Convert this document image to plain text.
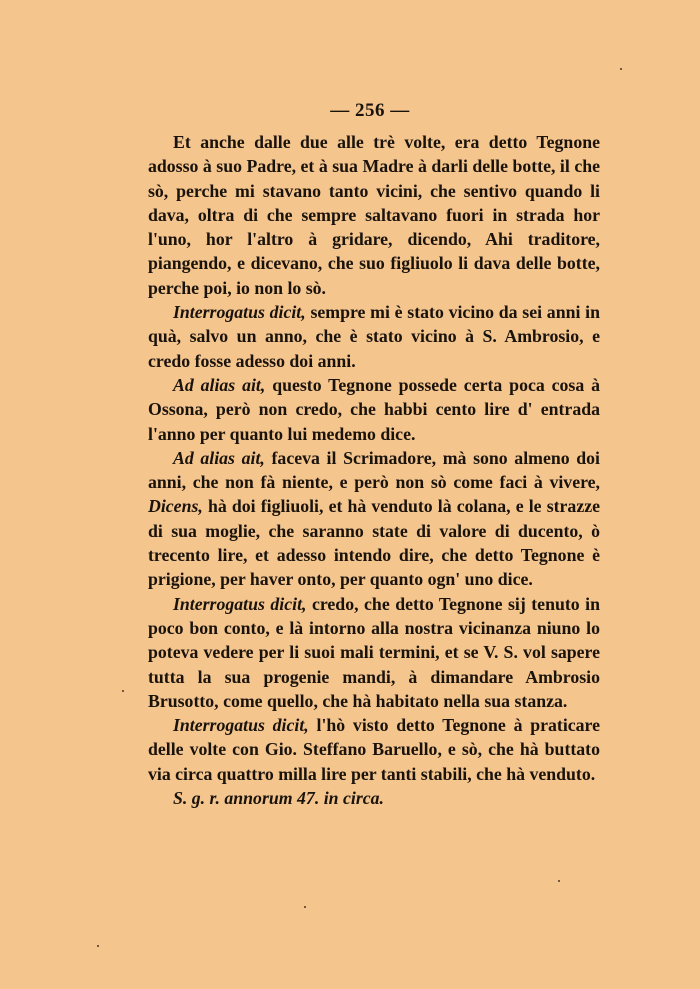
— 256 —

Et anche dalle due alle trè volte, era detto Tegnone adosso à suo Padre, et à sua Madre à darli delle botte, il che sò, perche mi stavano tanto vicini, che sentivo quando li dava, oltra di che sempre saltavano fuori in strada hor l'uno, hor l'altro à gridare, dicendo, Ahi traditore, piangendo, e dicevano, che suo figliuolo li dava delle botte, perche poi, io non lo sò.

Interrogatus dicit, sempre mi è stato vicino da sei anni in quà, salvo un anno, che è stato vicino à S. Ambrosio, e credo fosse adesso doi anni.

Ad alias ait, questo Tegnone possede certa poca cosa à Ossona, però non credo, che habbi cento lire d' entrada l'anno per quanto lui medemo dice.

Ad alias ait, faceva il Scrimadore, mà sono almeno doi anni, che non fà niente, e però non sò come faci à vivere, Dicens, hà doi figliuoli, et hà venduto là colana, e le strazze di sua moglie, che saranno state di valore di ducento, ò trecento lire, et adesso intendo dire, che detto Tegnone è prigione, per haver onto, per quanto ogn' uno dice.

Interrogatus dicit, credo, che detto Tegnone sij tenuto in poco bon conto, e là intorno alla nostra vicinanza niuno lo poteva vedere per li suoi mali termini, et se V. S. vol sapere tutta la sua progenie mandi, à dimandare Ambrosio Brusotto, come quello, che hà habitato nella sua stanza.

Interrogatus dicit, l'hò visto detto Tegnone à praticare delle volte con Gio. Steffano Baruello, e sò, che hà buttato via circa quattro milla lire per tanti stabili, che hà venduto.

S. g. r. annorum 47. in circa.
